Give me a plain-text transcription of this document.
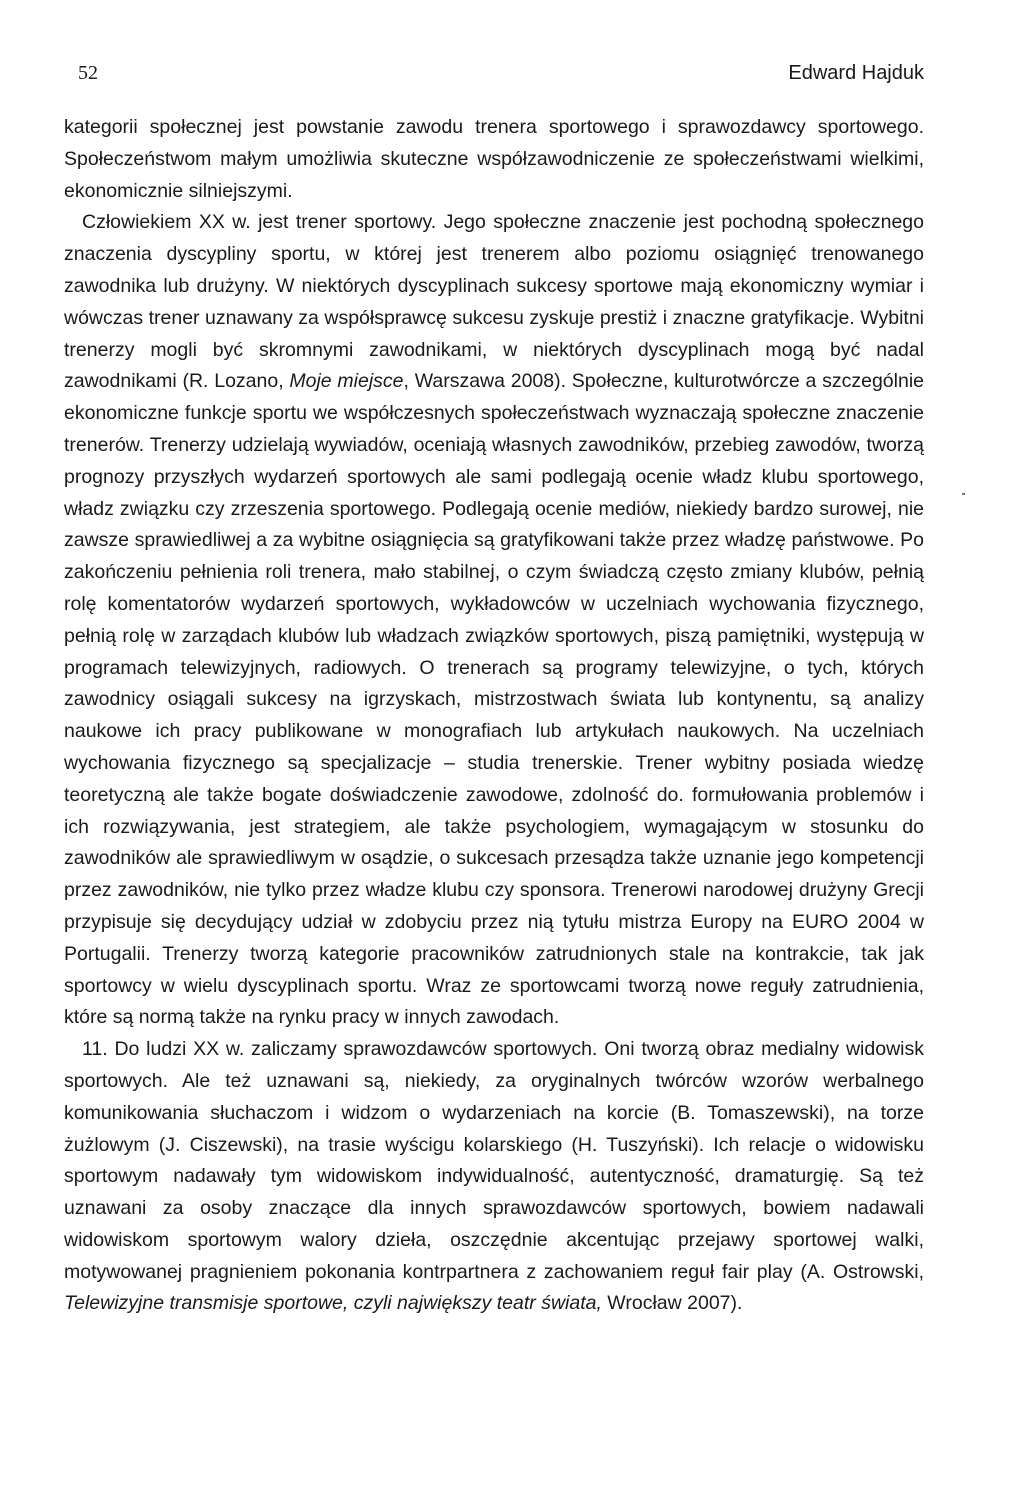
52	Edward Hajduk

kategorii społecznej jest powstanie zawodu trenera sportowego i sprawozdawcy sportowego. Społeczeństwom małym umożliwia skuteczne współzawodniczenie ze społeczeństwami wielkimi, ekonomicznie silniejszymi.

Człowiekiem XX w. jest trener sportowy. Jego społeczne znaczenie jest pochodną społecznego znaczenia dyscypliny sportu, w której jest trenerem albo poziomu osiągnięć trenowanego zawodnika lub drużyny. W niektórych dyscyplinach sukcesy sportowe mają ekonomiczny wymiar i wówczas trener uznawany za współsprawcę sukcesu zyskuje prestiż i znaczne gratyfikacje. Wybitni trenerzy mogli być skromnymi zawodnikami, w niektórych dyscyplinach mogą być nadal zawodnikami (R. Lozano, Moje miejsce, Warszawa 2008). Społeczne, kulturotwórcze a szczególnie ekonomiczne funkcje sportu we współczesnych społeczeństwach wyznaczają społeczne znaczenie trenerów. Trenerzy udzielają wywiadów, oceniają własnych zawodników, przebieg zawodów, tworzą prognozy przyszłych wydarzeń sportowych ale sami podlegają ocenie władz klubu sportowego, władz związku czy zrzeszenia sportowego. Podlegają ocenie mediów, niekiedy bardzo surowej, nie zawsze sprawiedliwej a za wybitne osiągnięcia są gratyfikowani także przez władzę państwowe. Po zakończeniu pełnienia roli trenera, mało stabilnej, o czym świadczą często zmiany klubów, pełnią rolę komentatorów wydarzeń sportowych, wykładowców w uczelniach wychowania fizycznego, pełnią rolę w zarządach klubów lub władzach związków sportowych, piszą pamiętniki, występują w programach telewizyjnych, radiowych. O trenerach są programy telewizyjne, o tych, których zawodnicy osiągali sukcesy na igrzyskach, mistrzostwach świata lub kontynentu, są analizy naukowe ich pracy publikowane w monografiach lub artykułach naukowych. Na uczelniach wychowania fizycznego są specjalizacje – studia trenerskie. Trener wybitny posiada wiedzę teoretyczną ale także bogate doświadczenie zawodowe, zdolność do. formułowania problemów i ich rozwiązywania, jest strategiem, ale także psychologiem, wymagającym w stosunku do zawodników ale sprawiedliwym w osądzie, o sukcesach przesądza także uznanie jego kompetencji przez zawodników, nie tylko przez władze klubu czy sponsora. Trenerowi narodowej drużyny Grecji przypisuje się decydujący udział w zdobyciu przez nią tytułu mistrza Europy na EURO 2004 w Portugalii. Trenerzy tworzą kategorie pracowników zatrudnionych stale na kontrakcie, tak jak sportowcy w wielu dyscyplinach sportu. Wraz ze sportowcami tworzą nowe reguły zatrudnienia, które są normą także na rynku pracy w innych zawodach.

11. Do ludzi XX w. zaliczamy sprawozdawców sportowych. Oni tworzą obraz medialny widowisk sportowych. Ale też uznawani są, niekiedy, za oryginalnych twórców wzorów werbalnego komunikowania słuchaczom i widzom o wydarzeniach na korcie (B. Tomaszewski), na torze żużlowym (J. Ciszewski), na trasie wyścigu kolarskiego (H. Tuszyński). Ich relacje o widowisku sportowym nadawały tym widowiskom indywidualność, autentyczność, dramaturgię. Są też uznawani za osoby znaczące dla innych sprawozdawców sportowych, bowiem nadawali widowiskom sportowym walory dzieła, oszczędnie akcentując przejawy sportowej walki, motywowanej pragnieniem pokonania kontrpartnera z zachowaniem reguł fair play (A. Ostrowski, Telewizyjne transmisje sportowe, czyli największy teatr świata, Wrocław 2007).
